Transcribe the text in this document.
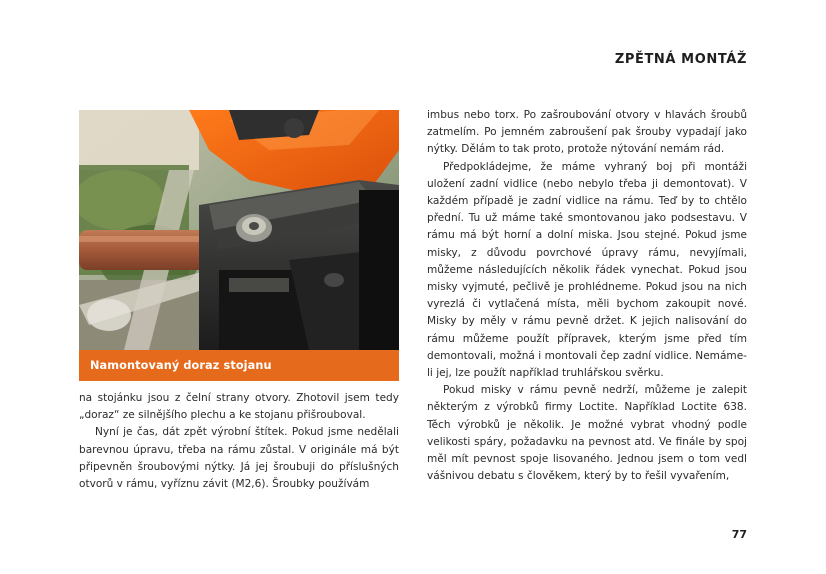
ZPĚTNÁ MONTÁŽ
Namontovaný doraz stojanu

na stojánku jsou z čelní strany otvory. Zhotovil jsem tedy „doraz“ ze silnějšího plechu a ke stojanu přišrouboval.

Nyní je čas, dát zpět výrobní štítek. Pokud jsme nedělali barevnou úpravu, třeba na rámu zůstal. V originále má být připevněn šroubovými nýtky. Já jej šroubuji do příslušných otvorů v rámu, vyříznu závit (M2,6). Šroubky používám

imbus nebo torx. Po zašroubování otvory v hlavách šroubů zatmelím. Po jemném zabroušení pak šrouby vypadají jako nýtky. Dělám to tak proto, protože nýtování nemám rád.

Předpokládejme, že máme vyhraný boj při montáži uložení zadní vidlice (nebo nebylo třeba ji demontovat). V každém případě je zadní vidlice na rámu. Teď by to chtělo přední. Tu už máme také smontovanou jako podsestavu. V rámu má být horní a dolní miska. Jsou stejné. Pokud jsme misky, z důvodu povrchové úpravy rámu, nevyjímali, můžeme následujících několik řádek vynechat. Pokud jsou misky vyjmuté, pečlivě je prohlédneme. Pokud jsou na nich vyrezlá či vytlačená místa, měli bychom zakoupit nové. Misky by měly v rámu pevně držet. K jejich nalisování do rámu můžeme použít přípravek, kterým jsme před tím demontovali, možná i montovali čep zadní vidlice. Nemáme-li jej, lze použít například truhlářskou svěrku.

Pokud misky v rámu pevně nedrží, můžeme je zalepit některým z výrobků firmy Loctite. Například Loctite 638. Těch výrobků je několik. Je možné vybrat vhodný podle velikosti spáry, požadavku na pevnost atd. Ve finále by spoj měl mít pevnost spoje lisovaného. Jednou jsem o tom vedl vášnivou debatu s člověkem, který by to řešil vyvařením,

77
